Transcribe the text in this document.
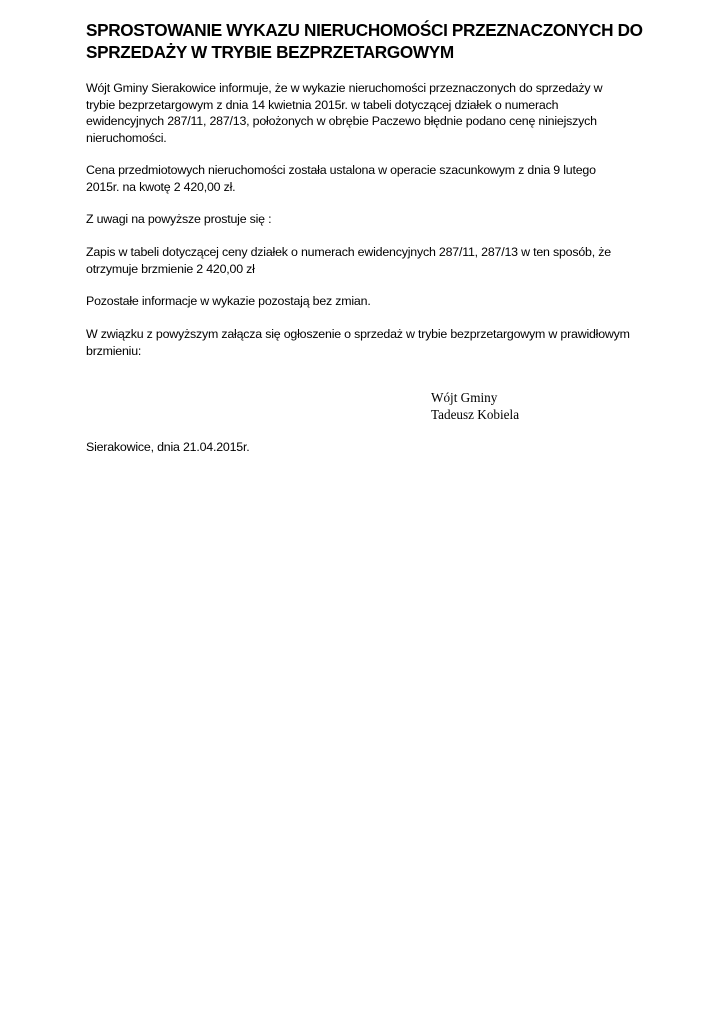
SPROSTOWANIE WYKAZU NIERUCHOMOŚCI PRZEZNACZONYCH DO
SPRZEDAŻY W TRYBIE BEZPRZETARGOWYM
Wójt Gminy Sierakowice informuje, że w wykazie nieruchomości przeznaczonych do sprzedaży w
trybie bezprzetargowym z dnia 14 kwietnia 2015r. w tabeli dotyczącej działek o numerach
ewidencyjnych 287/11, 287/13, położonych w obrębie Paczewo błędnie podano cenę niniejszych
nieruchomości.
Cena przedmiotowych nieruchomości została ustalona w operacie szacunkowym z dnia 9 lutego
2015r. na kwotę 2 420,00 zł.
Z uwagi na powyższe prostuje się :
Zapis w tabeli dotyczącej ceny działek o numerach ewidencyjnych 287/11, 287/13 w ten sposób, że
otrzymuje brzmienie 2 420,00 zł
Pozostałe informacje w wykazie pozostają bez zmian.
W związku z powyższym załącza się ogłoszenie o sprzedaż w trybie bezprzetargowym w prawidłowym
brzmieniu:
Wójt Gminy
Tadeusz Kobiela
Sierakowice, dnia 21.04.2015r.
